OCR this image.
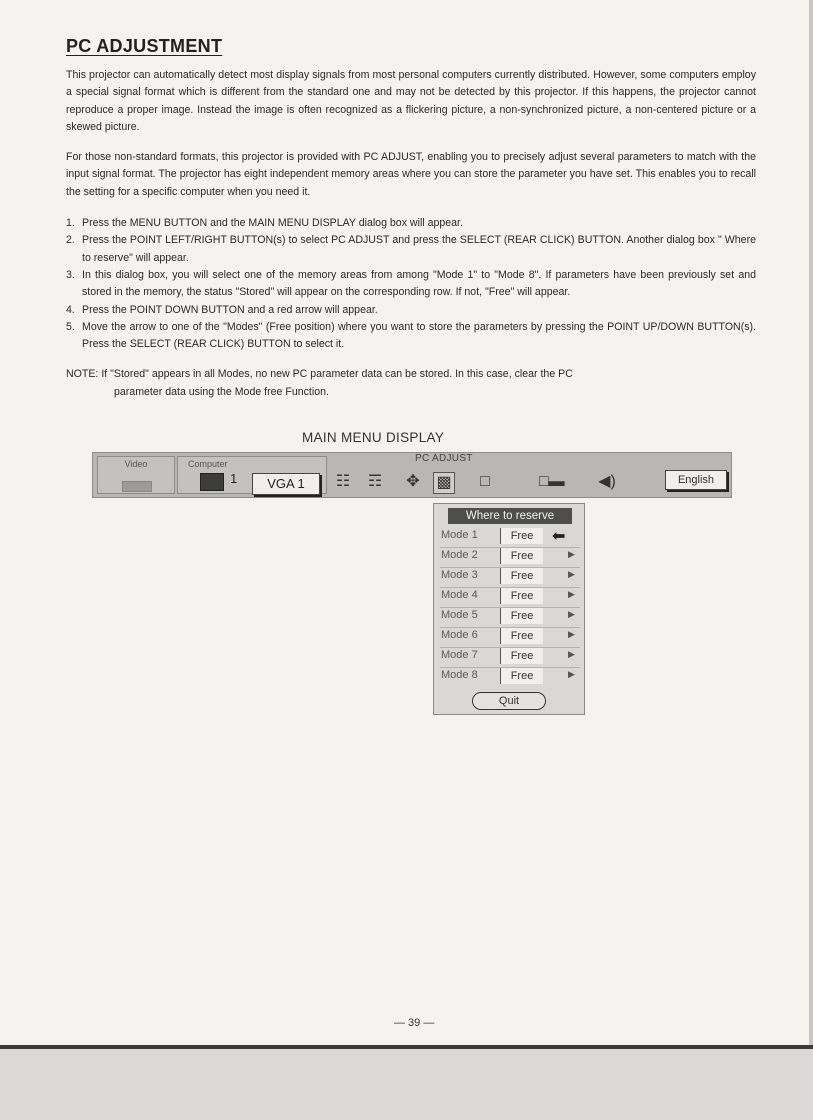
PC ADJUSTMENT

This projector can automatically detect most display signals from most personal computers currently distributed. However, some computers employ a special signal format which is different from the standard one and may not be detected by this projector. If this happens, the projector cannot reproduce a proper image. Instead the image is often recognized as a flickering picture, a non-synchronized picture, a non-centered picture or a skewed picture.

For those non-standard formats, this projector is provided with PC ADJUST, enabling you to precisely adjust several parameters to match with the input signal format. The projector has eight independent memory areas where you can store the parameter you have set. This enables you to recall the setting for a specific computer when you need it.

1. Press the MENU BUTTON and the MAIN MENU DISPLAY dialog box will appear.
2. Press the POINT LEFT/RIGHT BUTTON(s) to select PC ADJUST and press the SELECT (REAR CLICK) BUTTON. Another dialog box " Where to reserve" will appear.
3. In this dialog box, you will select one of the memory areas from among "Mode 1" to "Mode 8". If parameters have been previously set and stored in the memory, the status "Stored" will appear on the corresponding row. If not, "Free" will appear.
4. Press the POINT DOWN BUTTON and a red arrow will appear.
5. Move the arrow to one of the "Modes" (Free position) where you want to store the parameters by pressing the POINT UP/DOWN BUTTON(s). Press the SELECT (REAR CLICK) BUTTON to select it.
NOTE: If "Stored" appears in all Modes, no new PC parameter data can be stored. In this case, clear the PC
parameter data using the Mode free Function.
MAIN MENU DISPLAY
Video	Computer
1	VGA 1
PC ADJUST
☷ ☶ ✥ ▩	□	□▬ ◀)	English
Where to reserve
Mode 1	Free	⬅
Mode 2	Free	▶
Mode 3	Free	▶
Mode 4	Free	▶
Mode 5	Free	▶
Mode 6	Free	▶
Mode 7	Free	▶
Mode 8	Free	▶
Quit
— 39 —
